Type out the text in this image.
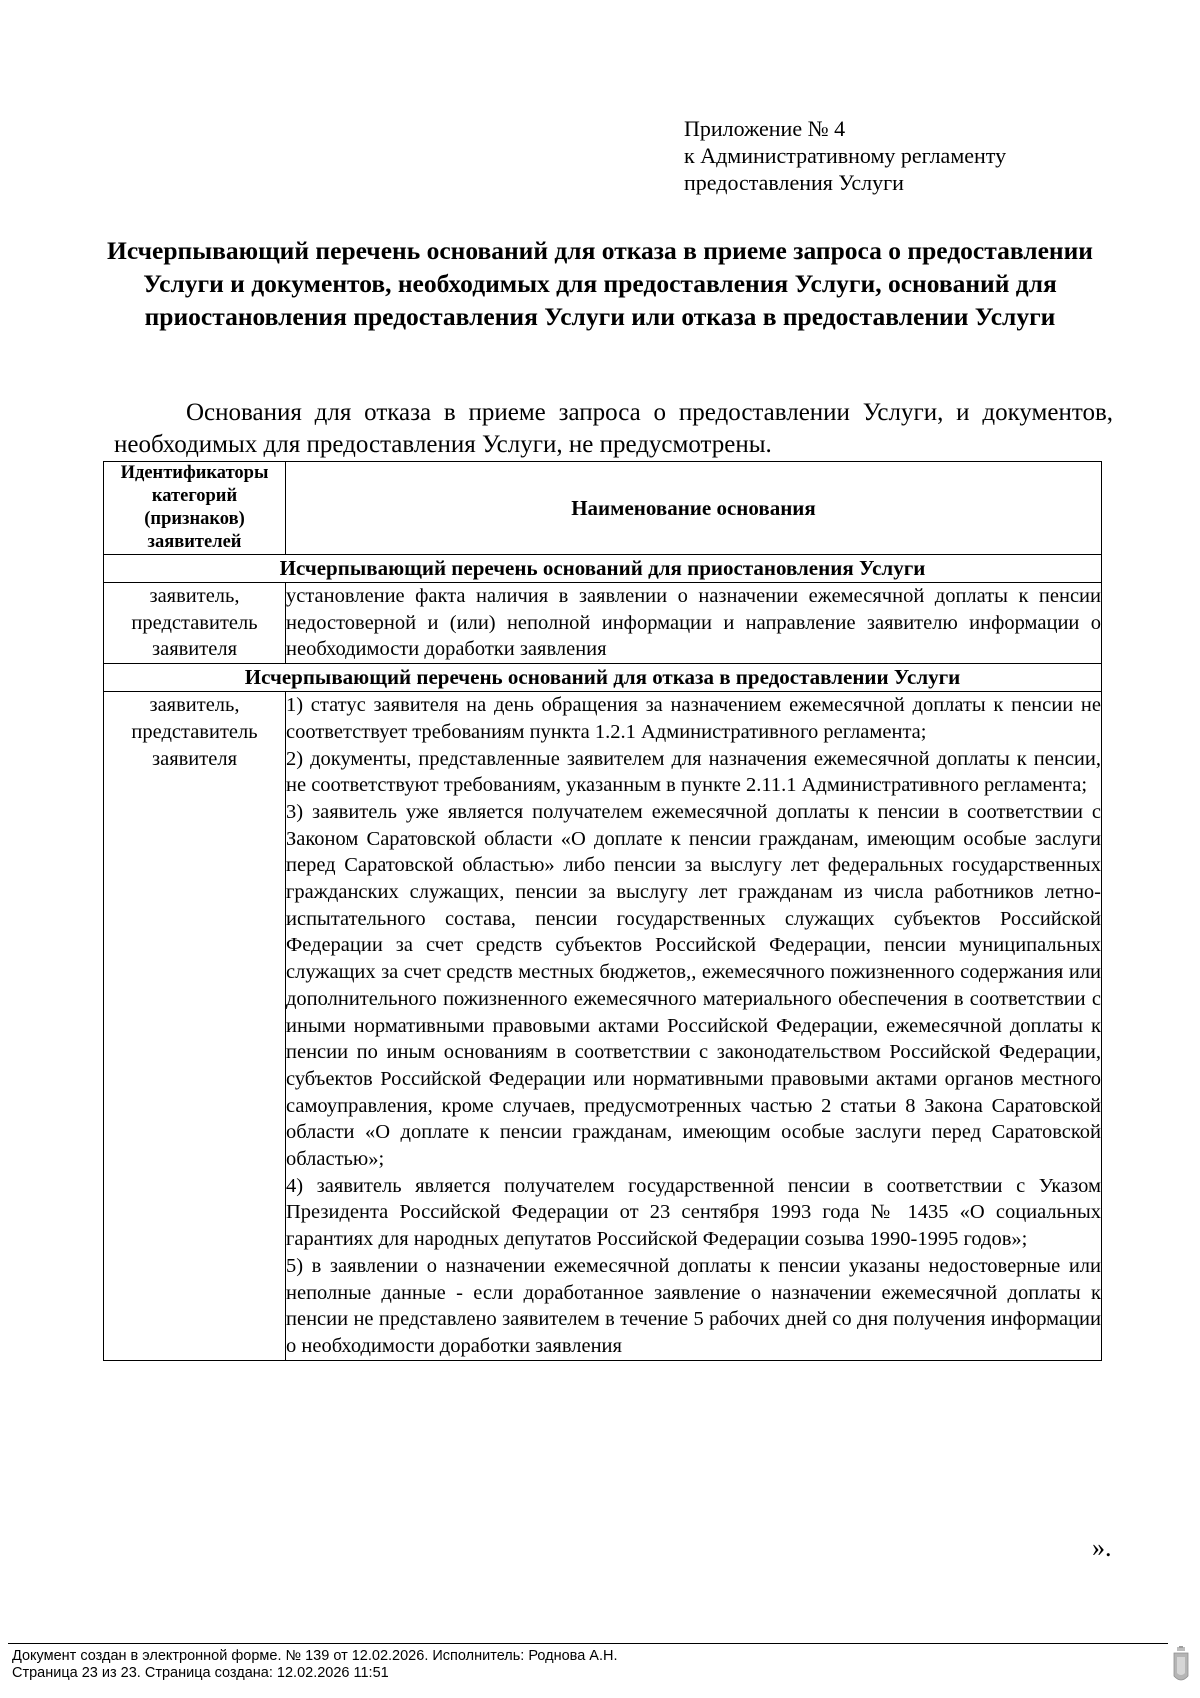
Приложение № 4
к Административному регламенту
предоставления Услуги
Исчерпывающий перечень оснований для отказа в приеме запроса о предоставлении Услуги и документов, необходимых для предоставления Услуги, оснований для приостановления предоставления Услуги или отказа в предоставлении Услуги
Основания для отказа в приеме запроса о предоставлении Услуги, и документов, необходимых для предоставления Услуги, не предусмотрены.
Идентификаторы категорий (признаков) заявителей	Наименование основания
Исчерпывающий перечень оснований для приостановления Услуги	
заявитель, представитель заявителя	установление факта наличия в заявлении о назначении ежемесячной доплаты к пенсии недостоверной и (или) неполной информации и направление заявителю информации о необходимости доработки заявления

Исчерпывающий перечень оснований для отказа в предоставлении Услуги	
заявитель, представитель заявителя	1) статус заявителя на день обращения за назначением ежемесячной доплаты к пенсии не соответствует требованиям пункта 1.2.1 Административного регламента;

2) документы, представленные заявителем для назначения ежемесячной доплаты к пенсии, не соответствуют требованиям, указанным в пункте 2.11.1 Административного регламента;

3) заявитель уже является получателем ежемесячной доплаты к пенсии в соответствии с Законом Саратовской области «О доплате к пенсии гражданам, имеющим особые заслуги перед Саратовской областью» либо пенсии за выслугу лет федеральных государственных гражданских служащих, пенсии за выслугу лет гражданам из числа работников летно-испытательного состава, пенсии государственных служащих субъектов Российской Федерации за счет средств субъектов Российской Федерации, пенсии муниципальных служащих за счет средств местных бюджетов,, ежемесячного пожизненного содержания или дополнительного пожизненного ежемесячного материального обеспечения в соответствии с иными нормативными правовыми актами Российской Федерации, ежемесячной доплаты к пенсии по иным основаниям в соответствии с законодательством Российской Федерации, субъектов Российской Федерации или нормативными правовыми актами органов местного самоуправления, кроме случаев, предусмотренных частью 2 статьи 8 Закона Саратовской области «О доплате к пенсии гражданам, имеющим особые заслуги перед Саратовской областью»;

4) заявитель является получателем государственной пенсии в соответствии с Указом Президента Российской Федерации от 23 сентября 1993 года № 1435 «О социальных гарантиях для народных депутатов Российской Федерации созыва 1990-1995 годов»;

5) в заявлении о назначении ежемесячной доплаты к пенсии указаны недостоверные или неполные данные - если доработанное заявление о назначении ежемесячной доплаты к пенсии не представлено заявителем в течение 5 рабочих дней со дня получения информации о необходимости доработки заявления

».
Документ создан в электронной форме. № 139 от 12.02.2026. Исполнитель: Роднова А.Н.
Страница 23 из 23. Страница создана: 12.02.2026 11:51
